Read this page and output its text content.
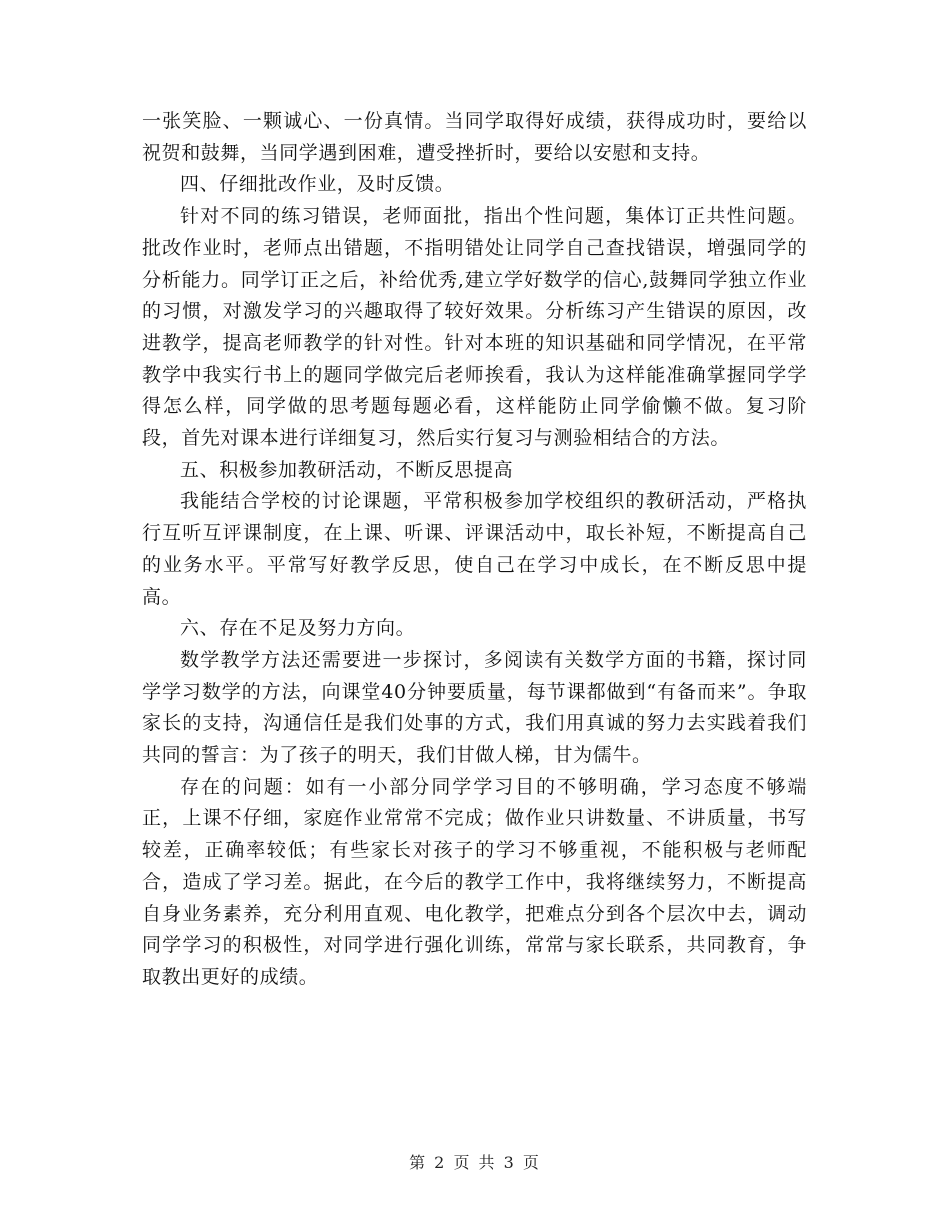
一张笑脸、一颗诚心、一份真情。当同学取得好成绩，获得成功时，要给以祝贺和鼓舞，当同学遇到困难，遭受挫折时，要给以安慰和支持。

四、仔细批改作业，及时反馈。

针对不同的练习错误，老师面批，指出个性问题，集体订正共性问题。批改作业时，老师点出错题，不指明错处让同学自己查找错误，增强同学的分析能力。同学订正之后，补给优秀,建立学好数学的信心,鼓舞同学独立作业的习惯，对激发学习的兴趣取得了较好效果。分析练习产生错误的原因，改进教学，提高老师教学的针对性。针对本班的知识基础和同学情况，在平常教学中我实行书上的题同学做完后老师挨看，我认为这样能准确掌握同学学得怎么样，同学做的思考题每题必看，这样能防止同学偷懒不做。复习阶段，首先对课本进行详细复习，然后实行复习与测验相结合的方法。

五、积极参加教研活动，不断反思提高

我能结合学校的讨论课题，平常积极参加学校组织的教研活动，严格执行互听互评课制度，在上课、听课、评课活动中，取长补短，不断提高自己的业务水平。平常写好教学反思，使自己在学习中成长，在不断反思中提高。

六、存在不足及努力方向。

数学教学方法还需要进一步探讨，多阅读有关数学方面的书籍，探讨同学学习数学的方法，向课堂40分钟要质量，每节课都做到“有备而来”。争取家长的支持，沟通信任是我们处事的方式，我们用真诚的努力去实践着我们共同的誓言：为了孩子的明天，我们甘做人梯，甘为儒牛。

存在的问题：如有一小部分同学学习目的不够明确，学习态度不够端正，上课不仔细，家庭作业常常不完成；做作业只讲数量、不讲质量，书写较差，正确率较低；有些家长对孩子的学习不够重视，不能积极与老师配合，造成了学习差。据此，在今后的教学工作中，我将继续努力，不断提高自身业务素养，充分利用直观、电化教学，把难点分到各个层次中去，调动同学学习的积极性，对同学进行强化训练，常常与家长联系，共同教育，争取教出更好的成绩。

第 2 页 共 3 页
